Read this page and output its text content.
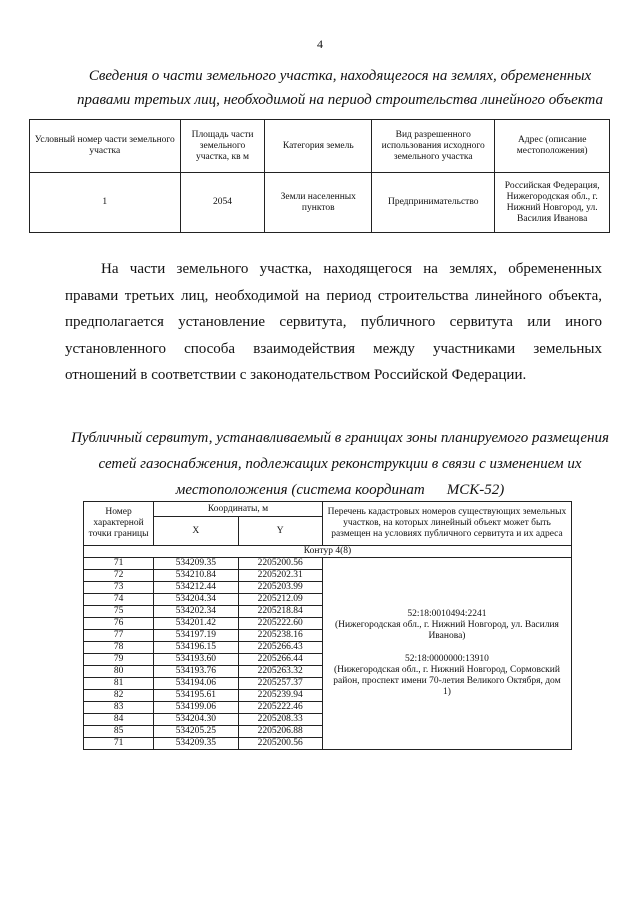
4
Сведения о части земельного участка, находящегося на землях, обремененных
правами третьих лиц, необходимой на период строительства линейного объекта
Условный номер части земельного участка	Площадь части земельного участка, кв м	Категория земель	Вид разрешенного использования исходного земельного участка	Адрес (описание местоположения)
1	2054	Земли населенных пунктов	Предпринимательство	Российская Федерация, Нижегородская обл., г. Нижний Новгород, ул. Василия Иванова
На части земельного участка, находящегося на землях, обремененных
правами третьих лиц, необходимой на период строительства линейного объекта,
предполагается установление сервитута, публичного сервитута или иного
установленного способа взаимодействия между участниками земельных
отношений в соответствии с законодательством Российской Федерации.
Публичный сервитут, устанавливаемый в границах зоны планируемого размещения
сетей газоснабжения, подлежащих реконструкции в связи с изменением их
местоположения (система координат МСК-52)
Номер характерной точки границы	Координаты, м		Перечень кадастровых номеров существующих земельных участков, на которых линейный объект может быть размещен на условиях публичного сервитута и их адреса
	X	Y	
Контур 4(8)			
71	534209.35	2205200.56	52:18:0010494:2241

(Нижегородская обл., г. Нижний Новгород, ул. Василия Иванова)

52:18:0000000:13910

(Нижегородская обл., г. Нижний Новгород, Сормовский район, проспект имени 70-летия Великого Октября, дом 1)

72	534210.84	2205202.31	
73	534212.44	2205203.99	
74	534204.34	2205212.09	
75	534202.34	2205218.84	
76	534201.42	2205222.60	
77	534197.19	2205238.16	
78	534196.15	2205266.43	
79	534193.60	2205266.44	
80	534193.76	2205263.32	
81	534194.06	2205257.37	
82	534195.61	2205239.94	
83	534199.06	2205222.46	
84	534204.30	2205208.33	
85	534205.25	2205206.88	
71	534209.35	2205200.56	
